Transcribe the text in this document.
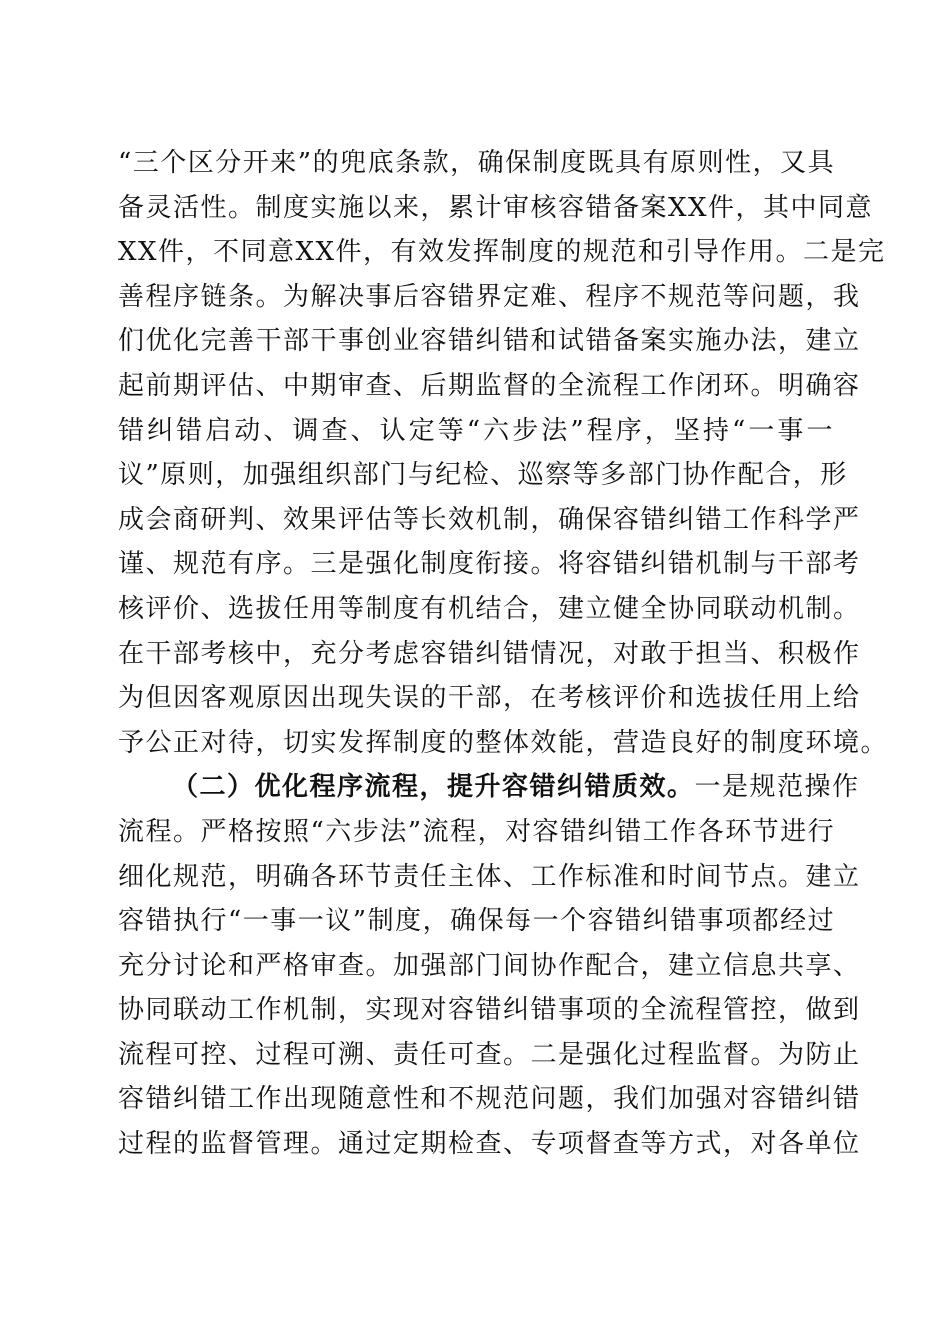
“三个区分开来”的兜底条款，确保制度既具有原则性，又具
备灵活性。制度实施以来，累计审核容错备案XX件，其中同意
XX件，不同意XX件，有效发挥制度的规范和引导作用。二是完
善程序链条。为解决事后容错界定难、程序不规范等问题，我
们优化完善干部干事创业容错纠错和试错备案实施办法，建立
起前期评估、中期审查、后期监督的全流程工作闭环。明确容
错纠错启动、调查、认定等“六步法”程序，坚持“一事一
议”原则，加强组织部门与纪检、巡察等多部门协作配合，形
成会商研判、效果评估等长效机制，确保容错纠错工作科学严
谨、规范有序。三是强化制度衔接。将容错纠错机制与干部考
核评价、选拔任用等制度有机结合，建立健全协同联动机制。
在干部考核中，充分考虑容错纠错情况，对敢于担当、积极作
为但因客观原因出现失误的干部，在考核评价和选拔任用上给
予公正对待，切实发挥制度的整体效能，营造良好的制度环境。
（二）优化程序流程，提升容错纠错质效。一是规范操作
流程。严格按照“六步法”流程，对容错纠错工作各环节进行
细化规范，明确各环节责任主体、工作标准和时间节点。建立
容错执行“一事一议”制度，确保每一个容错纠错事项都经过
充分讨论和严格审查。加强部门间协作配合，建立信息共享、
协同联动工作机制，实现对容错纠错事项的全流程管控，做到
流程可控、过程可溯、责任可查。二是强化过程监督。为防止
容错纠错工作出现随意性和不规范问题，我们加强对容错纠错
过程的监督管理。通过定期检查、专项督查等方式，对各单位
